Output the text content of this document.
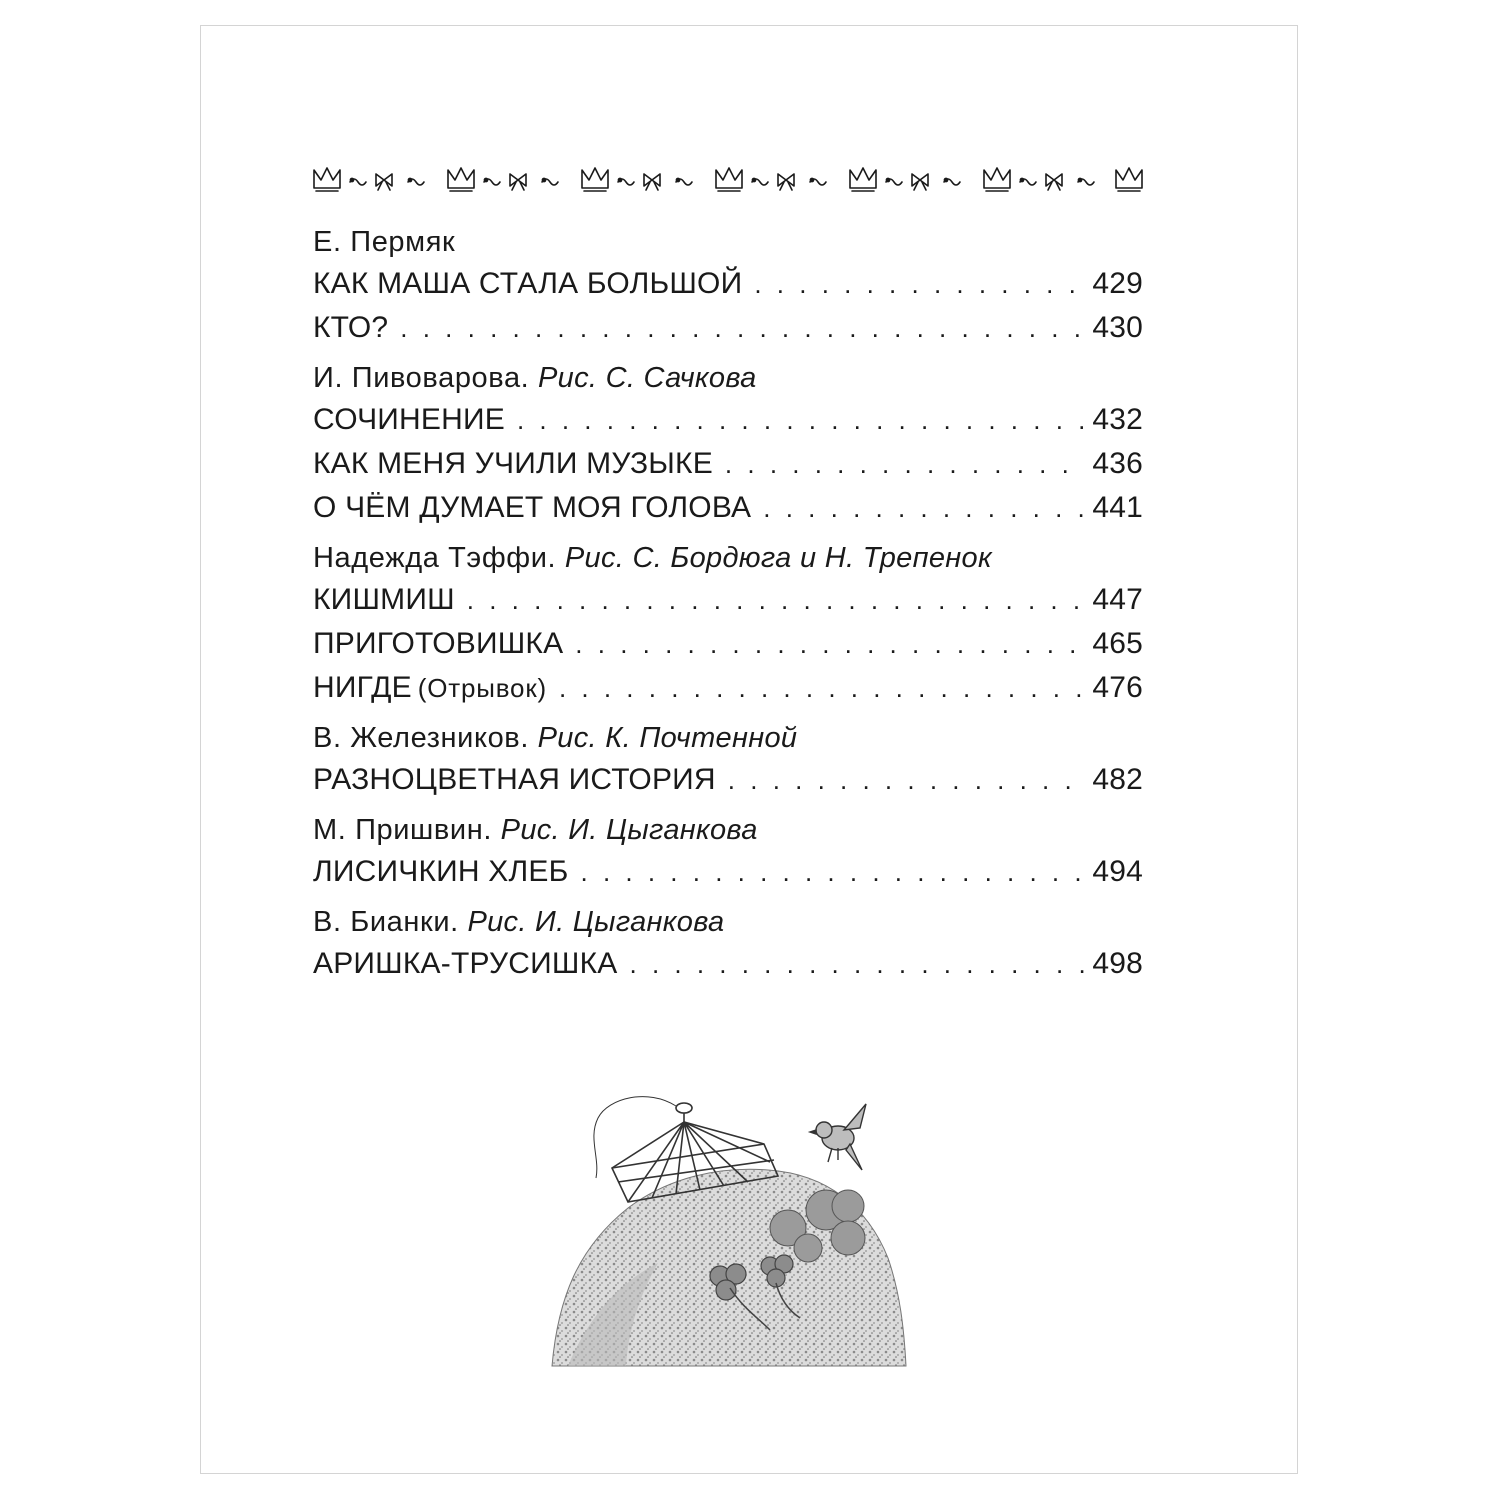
Е. Пермяк
КАК МАША СТАЛА БОЛЬШОЙ . . .	429
КТО? . . .	430
И. Пивоварова. Рис. С. Сачкова
СОЧИНЕНИЕ . . .	432
КАК МЕНЯ УЧИЛИ МУЗЫКЕ . . .	436
О ЧЁМ ДУМАЕТ МОЯ ГОЛОВА . . .	441
Надежда Тэффи. Рис. С. Бордюга и Н. Трепенок
КИШМИШ . . .	447
ПРИГОТОВИШКА . . .	465
НИГДЕ (Отрывок) . . .	476
В. Железников. Рис. К. Почтенной
РАЗНОЦВЕТНАЯ ИСТОРИЯ . . .	482
М. Пришвин. Рис. И. Цыганкова
ЛИСИЧКИН ХЛЕБ . . .	494
В. Бианки. Рис. И. Цыганкова
АРИШКА-ТРУСИШКА . . .	498
